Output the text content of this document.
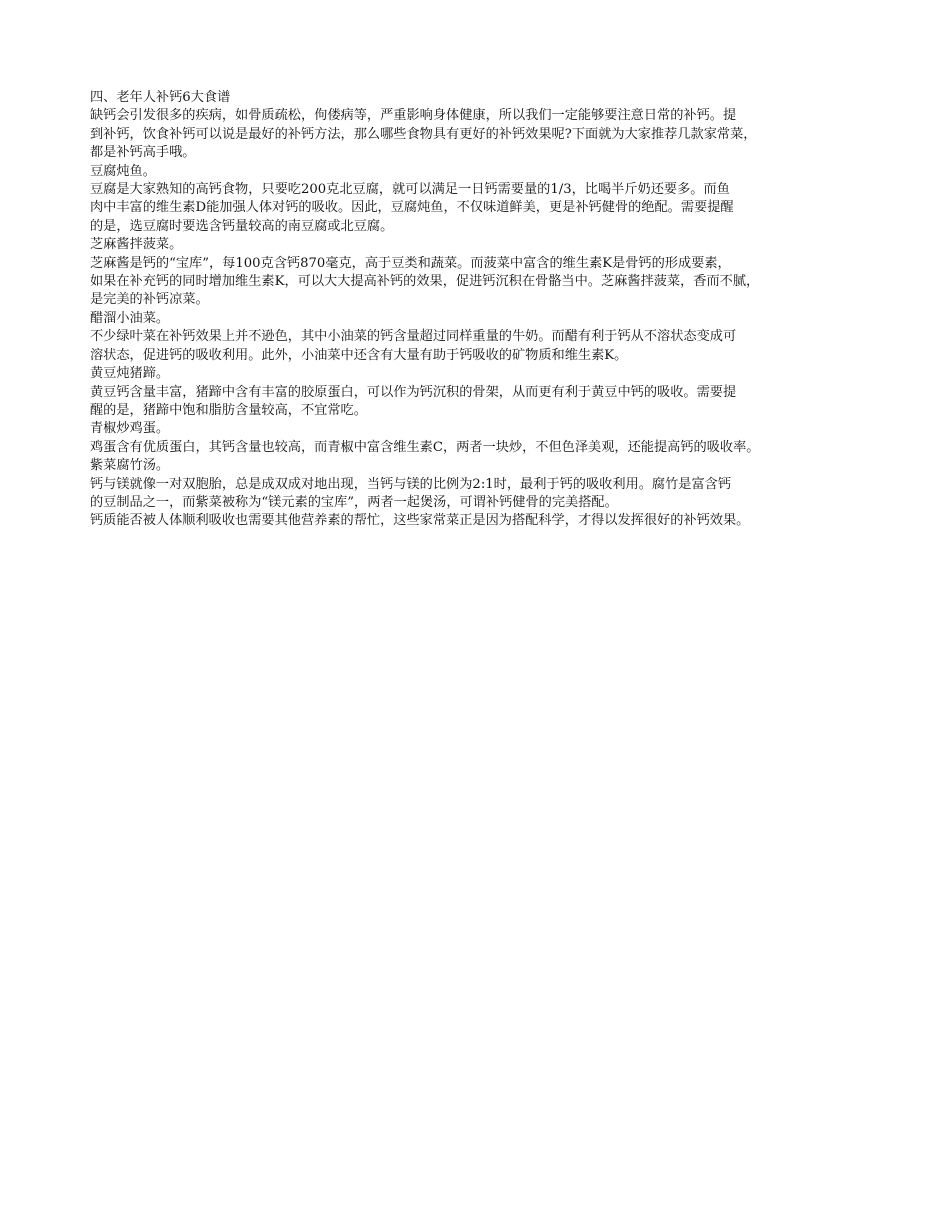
四、老年人补钙6大食谱
缺钙会引发很多的疾病，如骨质疏松，佝偻病等，严重影响身体健康，所以我们一定能够要注意日常的补钙。提
到补钙，饮食补钙可以说是最好的补钙方法，那么哪些食物具有更好的补钙效果呢?下面就为大家推荐几款家常菜，
都是补钙高手哦。
豆腐炖鱼。
豆腐是大家熟知的高钙食物，只要吃200克北豆腐，就可以满足一日钙需要量的1/3，比喝半斤奶还要多。而鱼
肉中丰富的维生素D能加强人体对钙的吸收。因此，豆腐炖鱼，不仅味道鲜美，更是补钙健骨的绝配。需要提醒
的是，选豆腐时要选含钙量较高的南豆腐或北豆腐。
芝麻酱拌菠菜。
芝麻酱是钙的“宝库”，每100克含钙870毫克，高于豆类和蔬菜。而菠菜中富含的维生素K是骨钙的形成要素，
如果在补充钙的同时增加维生素K，可以大大提高补钙的效果，促进钙沉积在骨骼当中。芝麻酱拌菠菜，香而不腻，
是完美的补钙凉菜。
醋溜小油菜。
不少绿叶菜在补钙效果上并不逊色，其中小油菜的钙含量超过同样重量的牛奶。而醋有利于钙从不溶状态变成可
溶状态，促进钙的吸收利用。此外，小油菜中还含有大量有助于钙吸收的矿物质和维生素K。
黄豆炖猪蹄。
黄豆钙含量丰富，猪蹄中含有丰富的胶原蛋白，可以作为钙沉积的骨架，从而更有利于黄豆中钙的吸收。需要提
醒的是，猪蹄中饱和脂肪含量较高，不宜常吃。
青椒炒鸡蛋。
鸡蛋含有优质蛋白，其钙含量也较高，而青椒中富含维生素C，两者一块炒，不但色泽美观，还能提高钙的吸收率。
紫菜腐竹汤。
钙与镁就像一对双胞胎，总是成双成对地出现，当钙与镁的比例为2:1时，最利于钙的吸收利用。腐竹是富含钙
的豆制品之一，而紫菜被称为“镁元素的宝库”，两者一起煲汤，可谓补钙健骨的完美搭配。
钙质能否被人体顺利吸收也需要其他营养素的帮忙，这些家常菜正是因为搭配科学，才得以发挥很好的补钙效果。
